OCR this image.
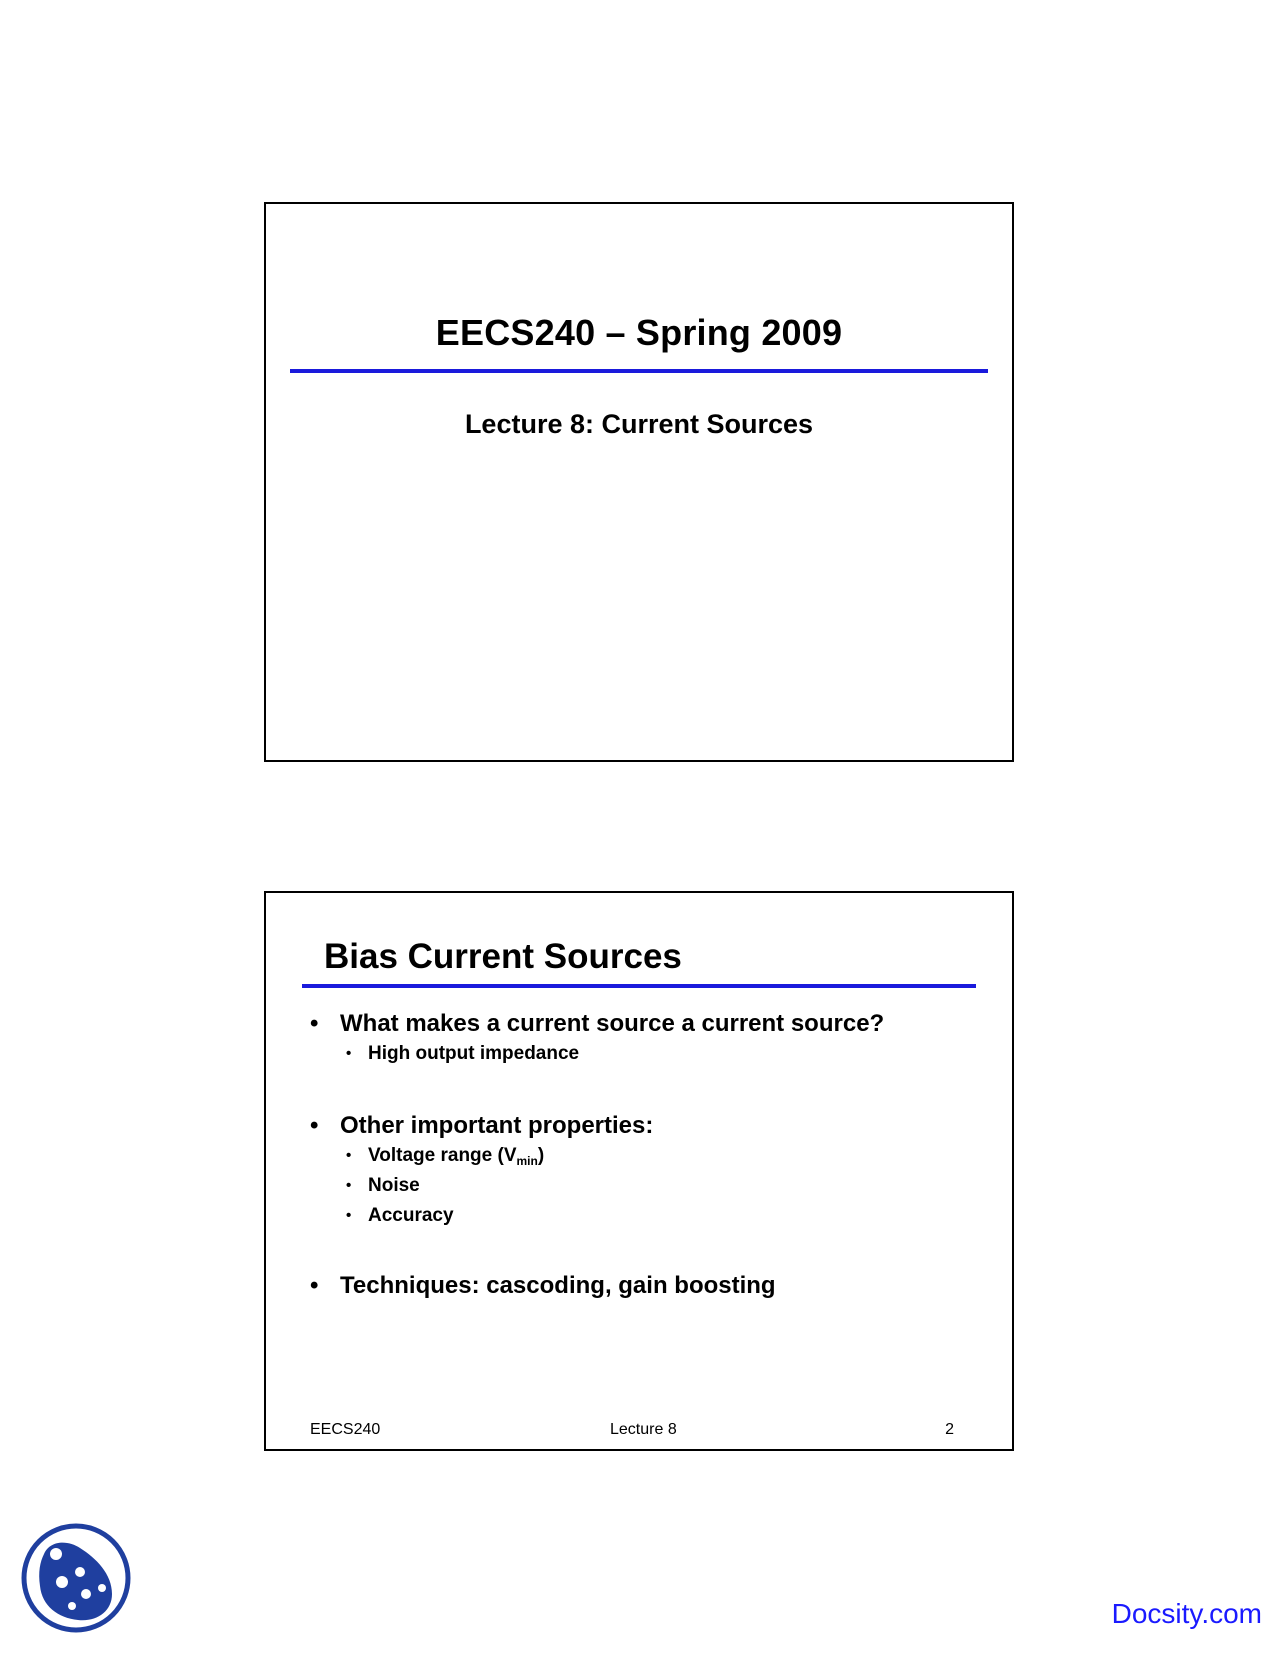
EECS240 – Spring 2009
Lecture 8: Current Sources
Bias Current Sources
• What makes a current source a current source?
• High output impedance
• Other important properties:
• Voltage range $(V_{min})$
• Noise
• Accuracy
• Techniques: cascoding, gain boosting
EECS240	Lecture 8	2
Docsity.com
